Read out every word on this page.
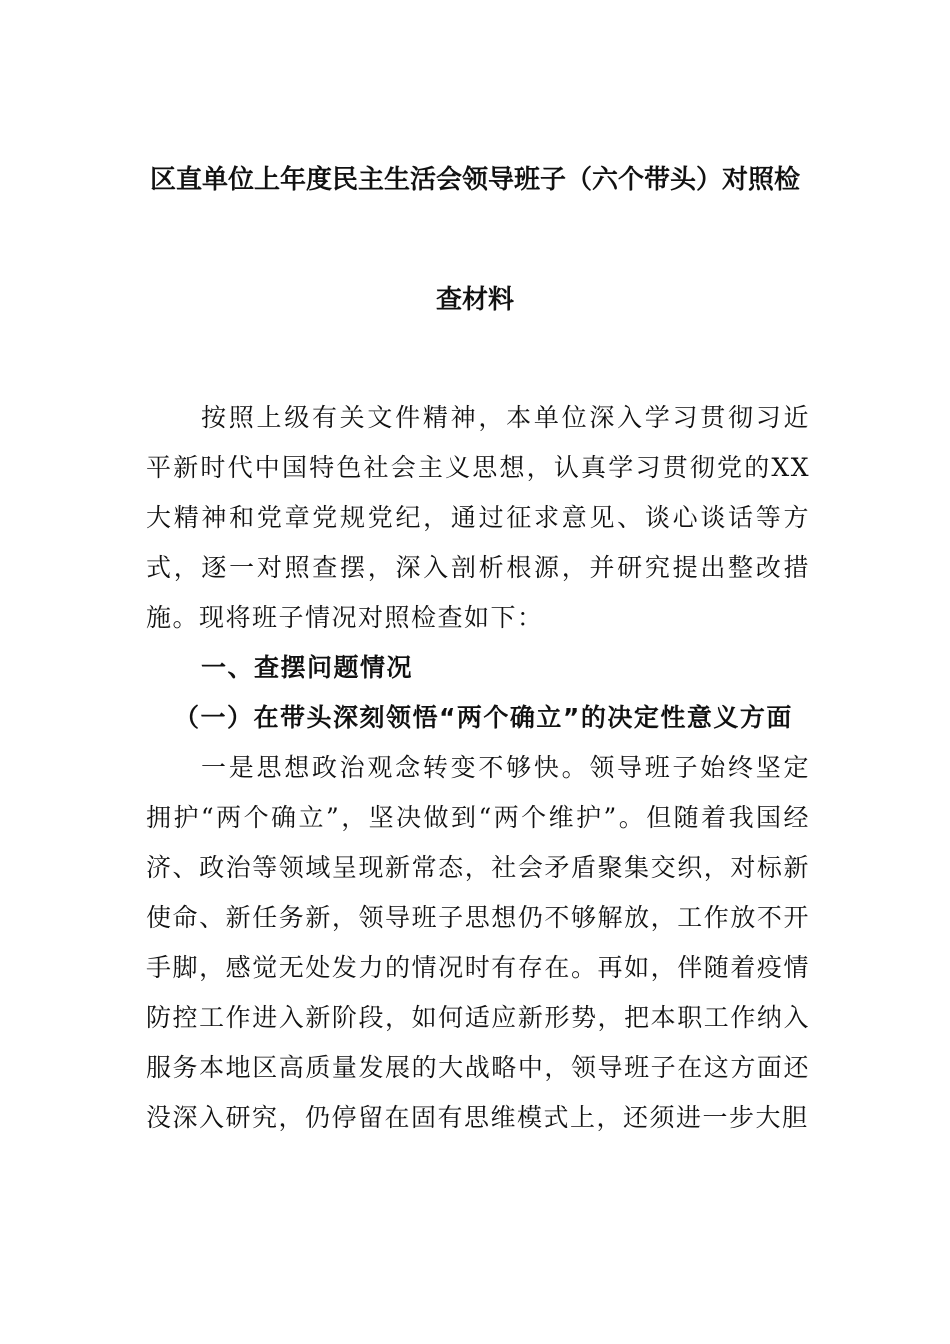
区直单位上年度民主生活会领导班子（六个带头）对照检
查材料

按照上级有关文件精神，本单位深入学习贯彻习近平新时代中国特色社会主义思想，认真学习贯彻党的XX大精神和党章党规党纪，通过征求意见、谈心谈话等方式，逐一对照查摆，深入剖析根源，并研究提出整改措施。现将班子情况对照检查如下：

一、查摆问题情况

（一）在带头深刻领悟“两个确立”的决定性意义方面

一是思想政治观念转变不够快。领导班子始终坚定拥护“两个确立”，坚决做到“两个维护”。但随着我国经济、政治等领域呈现新常态，社会矛盾聚集交织，对标新使命、新任务新，领导班子思想仍不够解放，工作放不开手脚，感觉无处发力的情况时有存在。再如，伴随着疫情防控工作进入新阶段，如何适应新形势，把本职工作纳入服务本地区高质量发展的大战略中，领导班子在这方面还没深入研究，仍停留在固有思维模式上，还须进一步大胆
